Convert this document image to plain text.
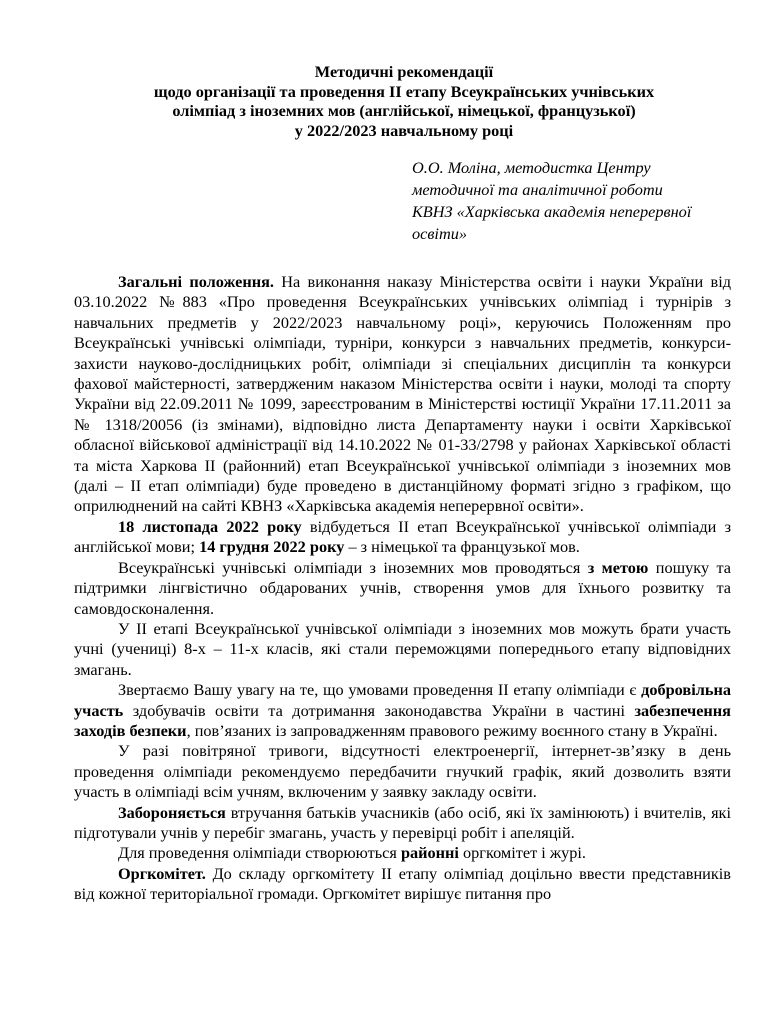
Методичні рекомендації
щодо організації та проведення ІІ етапу Всеукраїнських учнівських
олімпіад з іноземних мов (англійської, німецької, французької)
у 2022/2023 навчальному році
О.О. Моліна, методистка Центру
методичної та аналітичної роботи
КВНЗ «Харківська академія неперервної
освіти»

Загальні положення. На виконання наказу Міністерства освіти і науки України від 03.10.2022 №883 «Про проведення Всеукраїнських учнівських олімпіад і турнірів з навчальних предметів у 2022/2023 навчальному році», керуючись Положенням про Всеукраїнські учнівські олімпіади, турніри, конкурси з навчальних предметів, конкурси-захисти науково-дослідницьких робіт, олімпіади зі спеціальних дисциплін та конкурси фахової майстерності, затвердженим наказом Міністерства освіти і науки, молоді та спорту України від 22.09.2011 № 1099, зареєстрованим в Міністерстві юстиції України 17.11.2011 за № 1318/20056 (із змінами), відповідно листа Департаменту науки і освіти Харківської обласної військової адміністрації від 14.10.2022 № 01-33/2798 у районах Харківської області та міста Харкова ІІ (районний) етап Всеукраїнської учнівської олімпіади з іноземних мов (далі – ІІ етап олімпіади) буде проведено в дистанційному форматі згідно з графіком, що оприлюднений на сайті КВНЗ «Харківська академія неперервної освіти».

18 листопада 2022 року відбудеться ІІ етап Всеукраїнської учнівської олімпіади з англійської мови; 14 грудня 2022 року – з німецької та французької мов.

Всеукраїнські учнівські олімпіади з іноземних мов проводяться з метою пошуку та підтримки лінгвістично обдарованих учнів, створення умов для їхнього розвитку та самовдосконалення.

У ІІ етапі Всеукраїнської учнівської олімпіади з іноземних мов можуть брати участь учні (учениці) 8-х – 11-х класів, які стали переможцями попереднього етапу відповідних змагань.

Звертаємо Вашу увагу на те, що умовами проведення ІІ етапу олімпіади є добровільна участь здобувачів освіти та дотримання законодавства України в частині забезпечення заходів безпеки, пов’язаних із запровадженням правового режиму воєнного стану в Україні.

У разі повітряної тривоги, відсутності електроенергії, інтернет-зв’язку в день проведення олімпіади рекомендуємо передбачити гнучкий графік, який дозволить взяти участь в олімпіаді всім учням, включеним у заявку закладу освіти.

Забороняється втручання батьків учасників (або осіб, які їх замінюють) і вчителів, які підготували учнів у перебіг змагань, участь у перевірці робіт і апеляцій.

Для проведення олімпіади створюються районні оргкомітет і журі.

Оргкомітет. До складу оргкомітету ІІ етапу олімпіад доцільно ввести представників від кожної територіальної громади. Оргкомітет вирішує питання про
